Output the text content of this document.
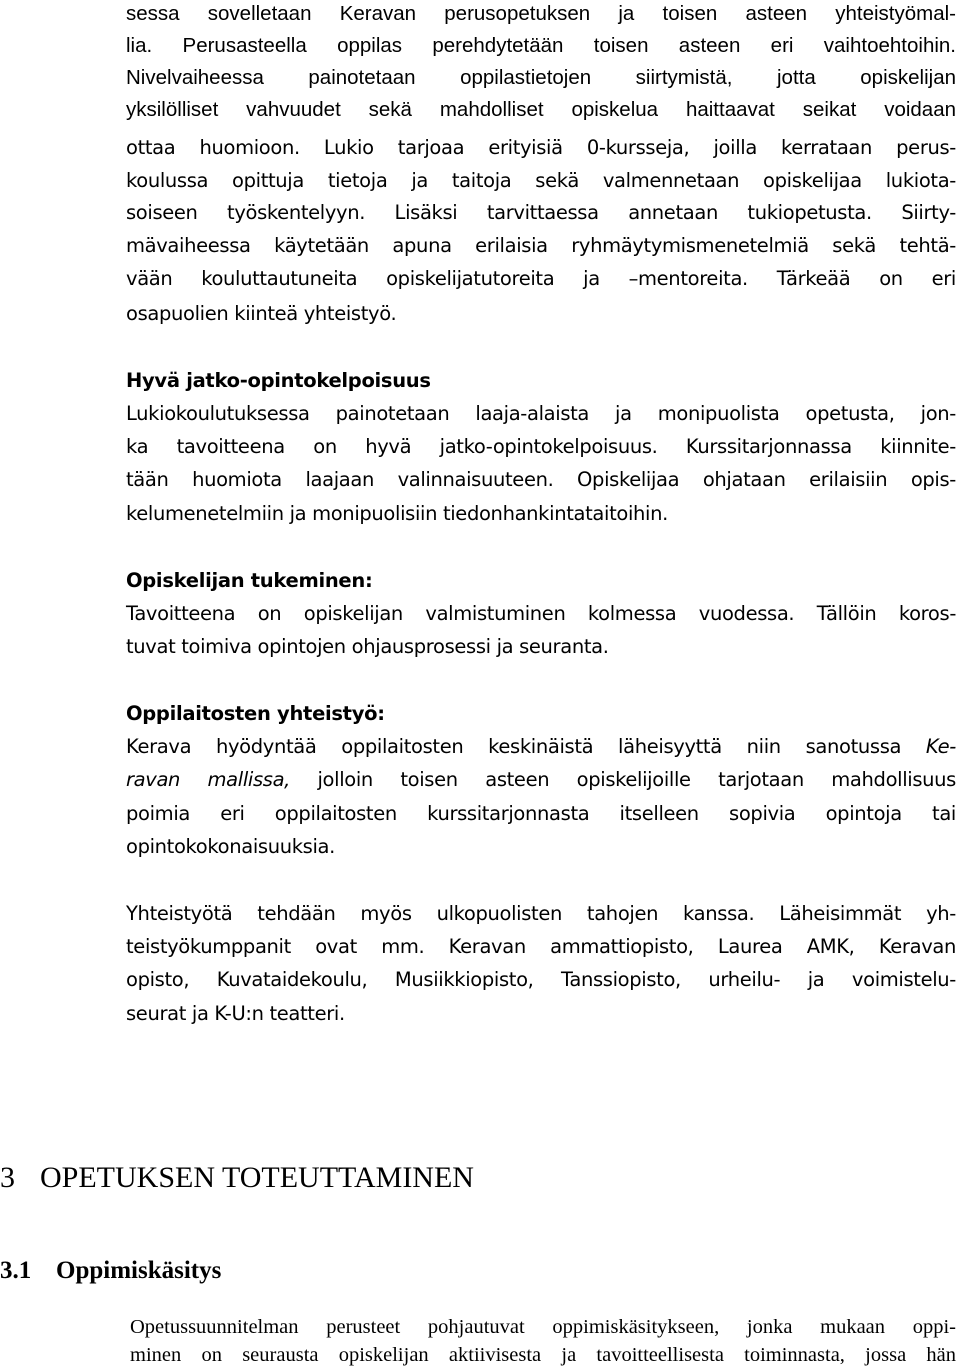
sessa sovelletaan Keravan perusopetuksen ja toisen asteen yhteistyömal-
lia. Perusasteella oppilas perehdytetään toisen asteen eri vaihtoehtoihin.
Nivelvaiheessa painotetaan oppilastietojen siirtymistä, jotta opiskelijan
yksilölliset vahvuudet sekä mahdolliset opiskelua haittaavat seikat voidaan
ottaa huomioon. Lukio tarjoaa erityisiä 0-kursseja, joilla kerrataan perus-
koulussa opittuja tietoja ja taitoja sekä valmennetaan opiskelijaa lukiota-
soiseen työskentelyyn. Lisäksi tarvittaessa annetaan tukiopetusta. Siirty-
mävaiheessa käytetään apuna erilaisia ryhmäytymismenetelmiä sekä tehtä-
vään kouluttautuneita opiskelijatutoreita ja –mentoreita. Tärkeää on eri
osapuolien kiinteä yhteistyö.
Hyvä jatko-opintokelpoisuus
Lukiokoulutuksessa painotetaan laaja-alaista ja monipuolista opetusta, jon-
ka tavoitteena on hyvä jatko-opintokelpoisuus. Kurssitarjonnassa kiinnite-
tään huomiota laajaan valinnaisuuteen. Opiskelijaa ohjataan erilaisiin opis-
kelumenetelmiin ja monipuolisiin tiedonhankintataitoihin.
Opiskelijan tukeminen:
Tavoitteena on opiskelijan valmistuminen kolmessa vuodessa. Tällöin koros-
tuvat toimiva opintojen ohjausprosessi ja seuranta.
Oppilaitosten yhteistyö:
Kerava hyödyntää oppilaitosten keskinäistä läheisyyttä niin sanotussa Ke-
ravan mallissa, jolloin toisen asteen opiskelijoille tarjotaan mahdollisuus
poimia eri oppilaitosten kurssitarjonnasta itselleen sopivia opintoja tai
opintokokonaisuuksia.
Yhteistyötä tehdään myös ulkopuolisten tahojen kanssa. Läheisimmät yh-
teistyökumppanit ovat mm. Keravan ammattiopisto, Laurea AMK, Keravan
opisto, Kuvataidekoulu, Musiikkiopisto, Tanssiopisto, urheilu- ja voimistelu-
seurat ja K-U:n teatteri.
3 OPETUKSEN TOTEUTTAMINEN
3.1 Oppimiskäsitys
Opetussuunnitelman perusteet pohjautuvat oppimiskäsitykseen, jonka mukaan oppi-
minen on seurausta opiskelijan aktiivisesta ja tavoitteellisesta toiminnasta, jossa hän
